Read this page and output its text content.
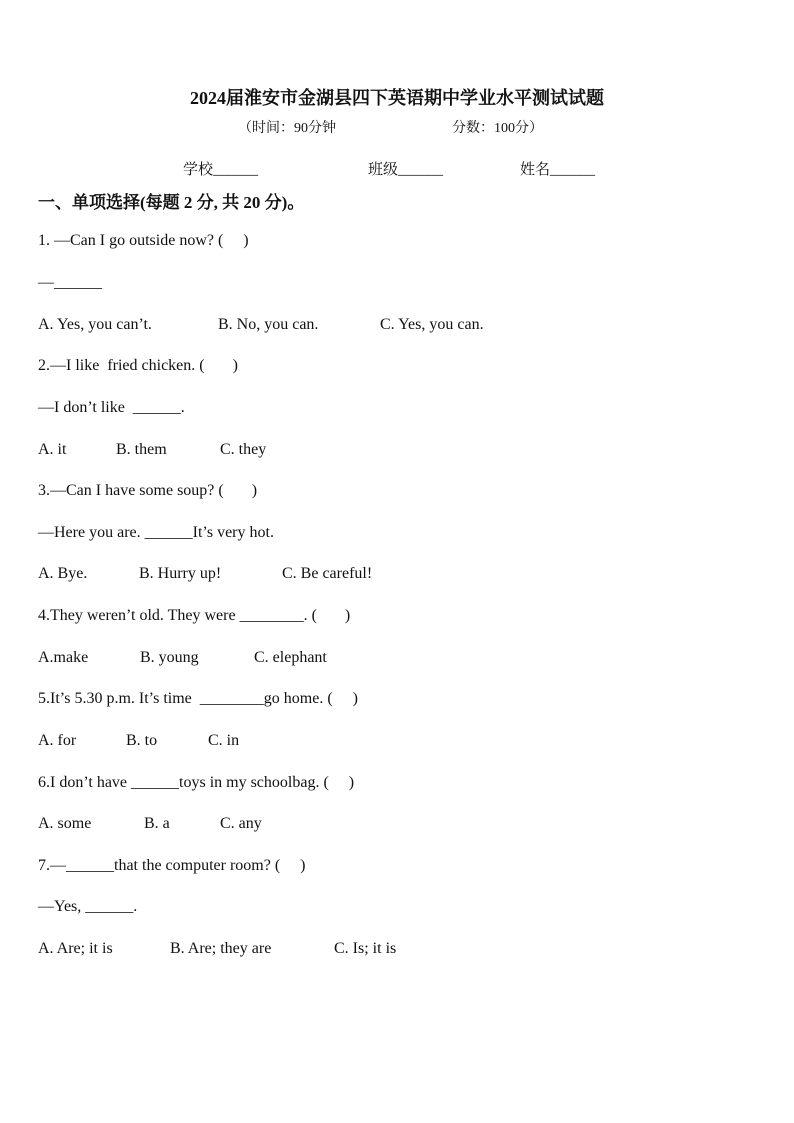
2024届淮安市金湖县四下英语期中学业水平测试试题
（时间：90分钟	分数：100分）
学校______	班级______	姓名______
一、单项选择(每题 2 分, 共 20 分)。
1. —Can I go outside now? (     )
—______
A. Yes, you can’t.	B. No, you can.	C. Yes, you can.
2.—I like  fried chicken. (       )
—I don’t like  ______.
A. it	B. them	C. they
3.—Can I have some soup? (       )
—Here you are. ______It’s very hot.
A. Bye.	B. Hurry up!	C. Be careful!
4.They weren’t old. They were ________. (       )
A.make	B. young	C. elephant
5.It’s 5.30 p.m. It’s time  ________go home. (     )
A. for	B. to	C. in
6.I don’t have ______toys in my schoolbag. (     )
A. some	B. a	C. any
7.—______that the computer room? (     )
—Yes, ______.
A. Are; it is	B. Are; they are	C. Is; it is
